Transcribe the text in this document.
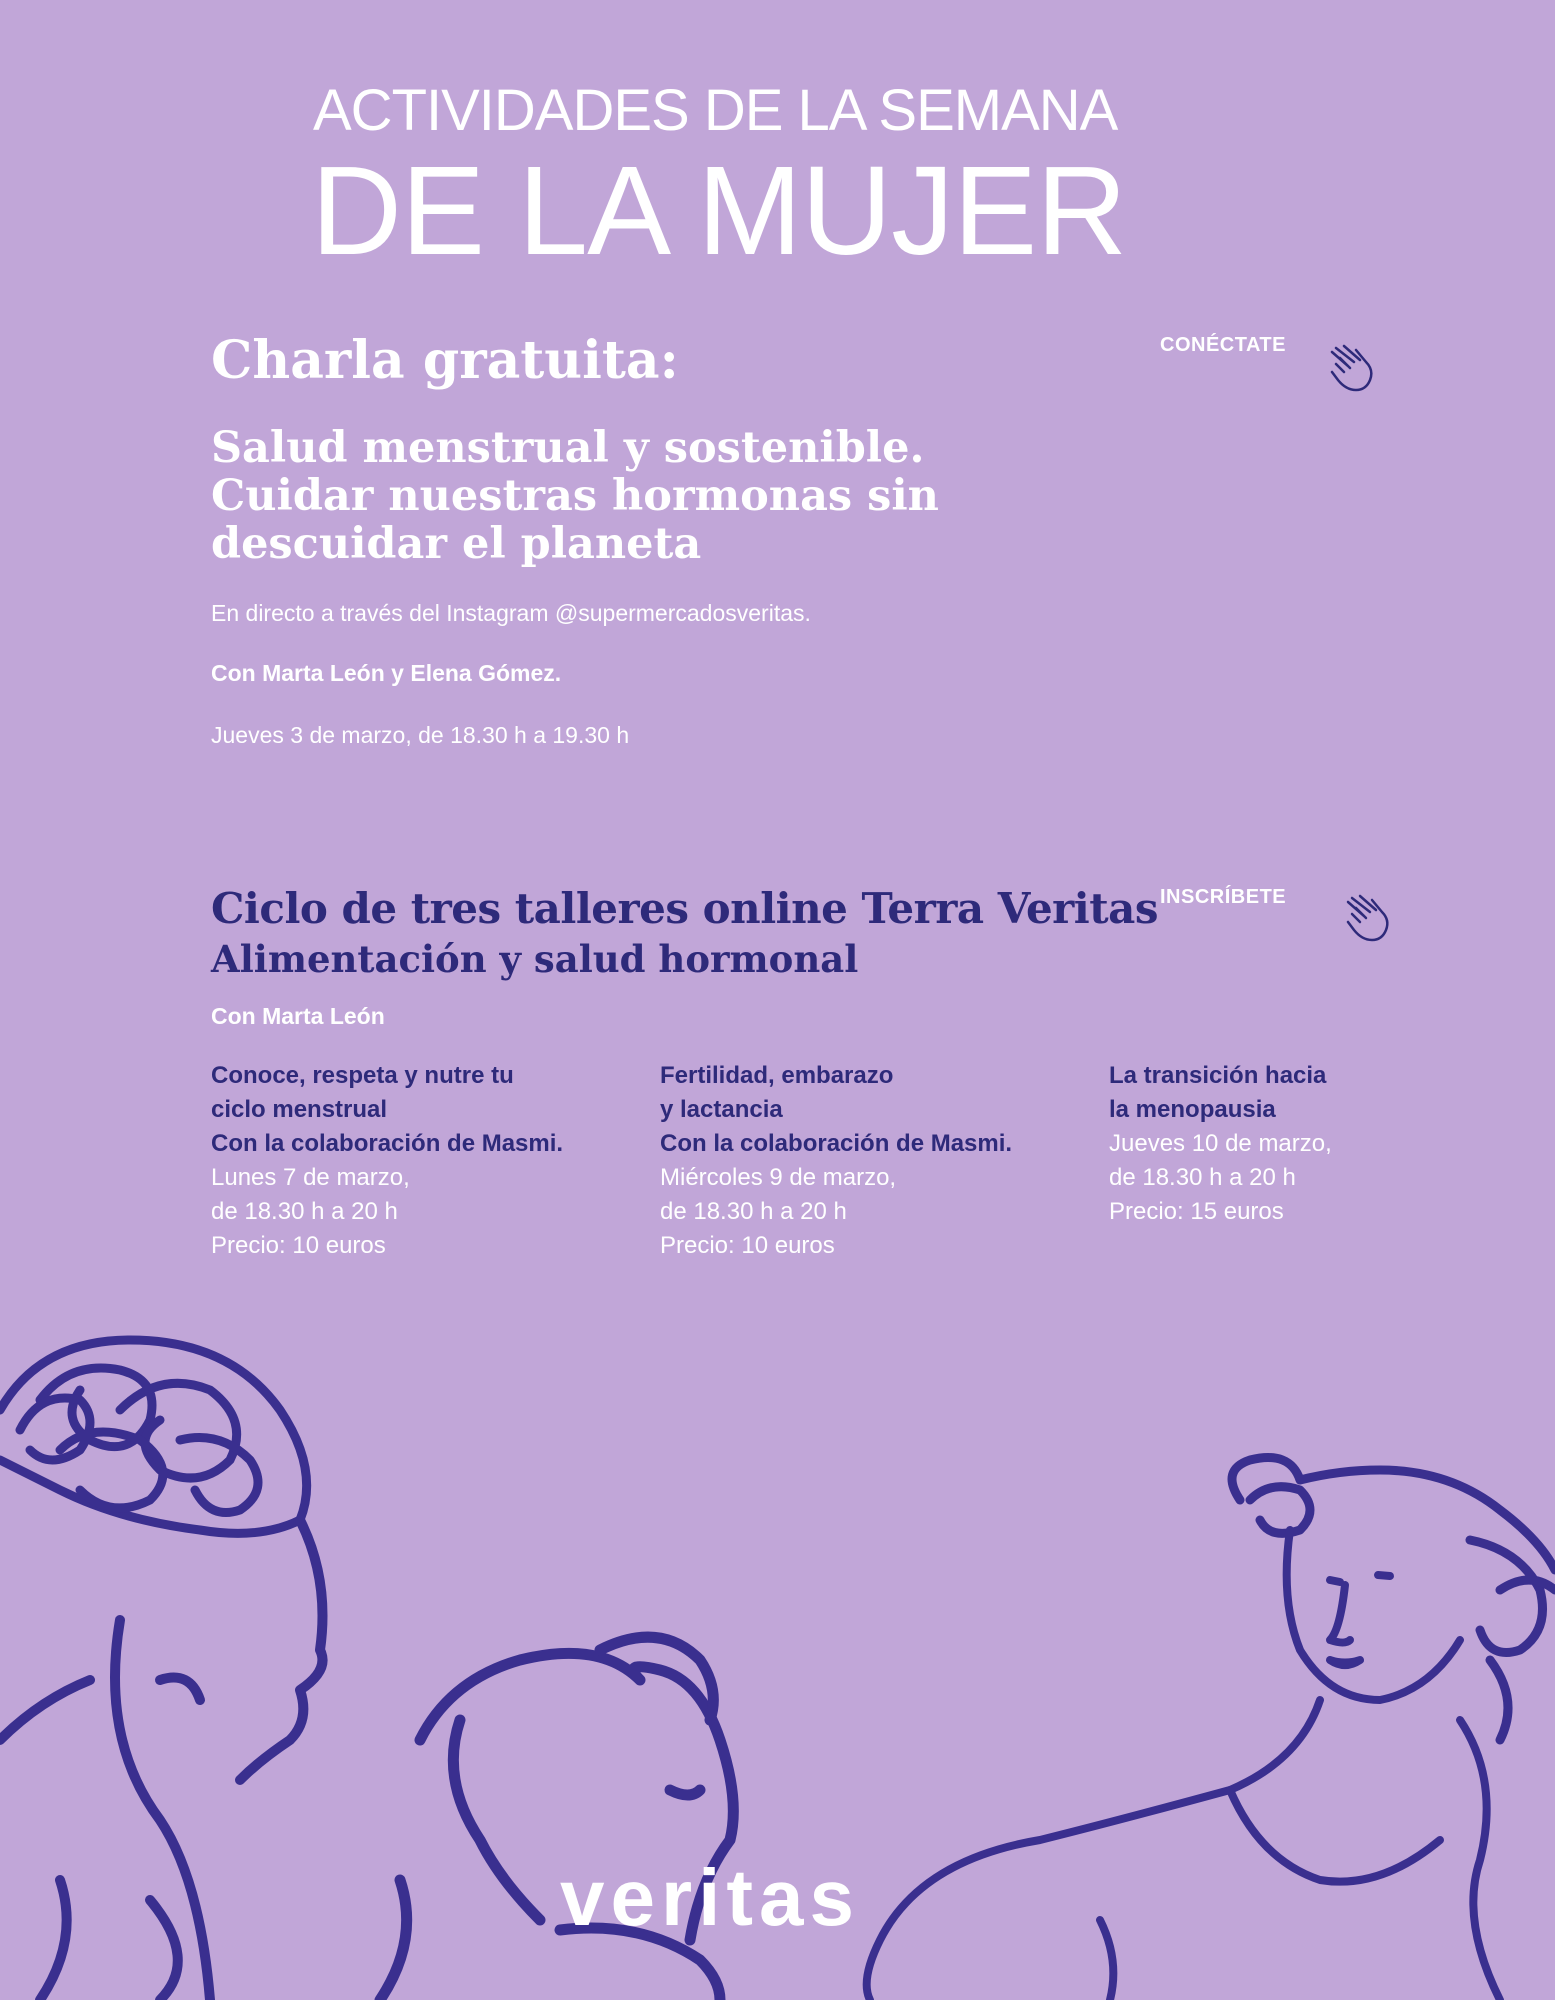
ACTIVIDADES DE LA SEMANA
DE LA MUJER
Charla gratuita:
Salud menstrual y sostenible. Cuidar nuestras hormonas sin descuidar el planeta
En directo a través del Instagram @supermercadosveritas.
Con Marta León y Elena Gómez.
Jueves 3 de marzo, de 18.30 h a 19.30 h
CONÉCTATE
Ciclo de tres talleres online Terra Veritas
Alimentación y salud hormonal
Con Marta León
INSCRÍBETE
Conoce, respeta y nutre tu
ciclo menstrual
Con la colaboración de Masmi.
Lunes 7 de marzo,
de 18.30 h a 20 h
Precio: 10 euros
Fertilidad, embarazo
y lactancia
Con la colaboración de Masmi.
Miércoles 9 de marzo,
de 18.30 h a 20 h
Precio: 10 euros
La transición hacia
la menopausia
Jueves 10 de marzo,
de 18.30 h a 20 h
Precio: 15 euros
veritas
